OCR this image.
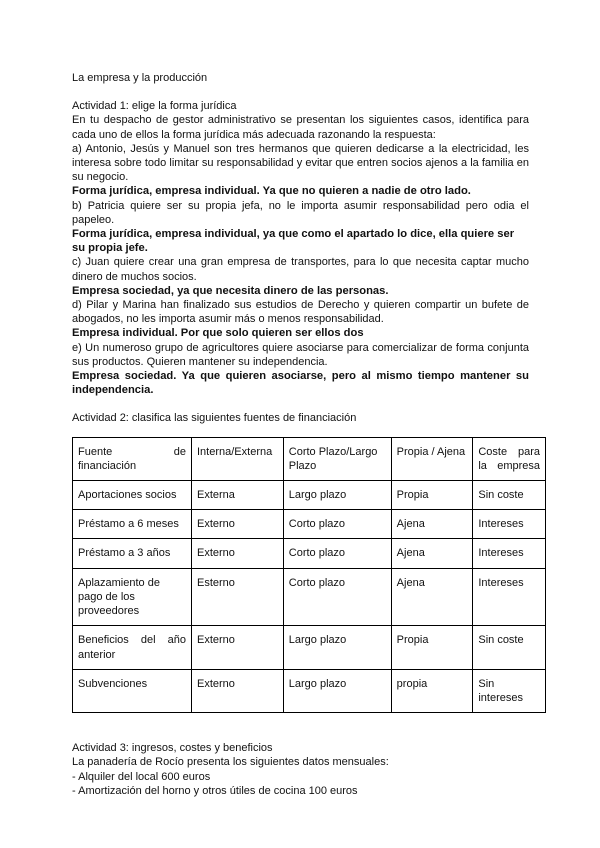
La empresa y la producción

Actividad 1: elige la forma jurídica

En tu despacho de gestor administrativo se presentan los siguientes casos, identifica para cada uno de ellos la forma jurídica más adecuada razonando la respuesta:

a) Antonio, Jesús y Manuel son tres hermanos que quieren dedicarse a la electricidad, les interesa sobre todo limitar su responsabilidad y evitar que entren socios ajenos a la familia en su negocio.

Forma jurídica, empresa individual. Ya que no quieren a nadie de otro lado.

b) Patricia quiere ser su propia jefa, no le importa asumir responsabilidad pero odia el papeleo.

Forma jurídica, empresa individual, ya que como el apartado lo dice, ella quiere ser su propia jefe.

c) Juan quiere crear una gran empresa de transportes, para lo que necesita captar mucho dinero de muchos socios.

Empresa sociedad, ya que necesita dinero de las personas.

d) Pilar y Marina han finalizado sus estudios de Derecho y quieren compartir un bufete de abogados, no les importa asumir más o menos responsabilidad.

Empresa individual. Por que solo quieren ser ellos dos

e) Un numeroso grupo de agricultores quiere asociarse para comercializar de forma conjunta sus productos. Quieren mantener su independencia.

Empresa sociedad. Ya que quieren asociarse, pero al mismo tiempo mantener su independencia.

Actividad 2: clasifica las siguientes fuentes de financiación

Fuente de financiación	Interna/Externa	Corto Plazo/Largo Plazo	Propia / Ajena	Coste para la empresa
Aportaciones socios	Externa	Largo plazo	Propia	Sin coste
Préstamo a 6 meses	Externo	Corto plazo	Ajena	Intereses
Préstamo a 3 años	Externo	Corto plazo	Ajena	Intereses
Aplazamiento de pago de los proveedores	Esterno	Corto plazo	Ajena	Intereses
Beneficios del año anterior	Externo	Largo plazo	Propia	Sin coste
Subvenciones	Externo	Largo plazo	propia	Sin intereses

Actividad 3: ingresos, costes y beneficios

La panadería de Rocío presenta los siguientes datos mensuales:

- Alquiler del local 600 euros

- Amortización del horno y otros útiles de cocina 100 euros
